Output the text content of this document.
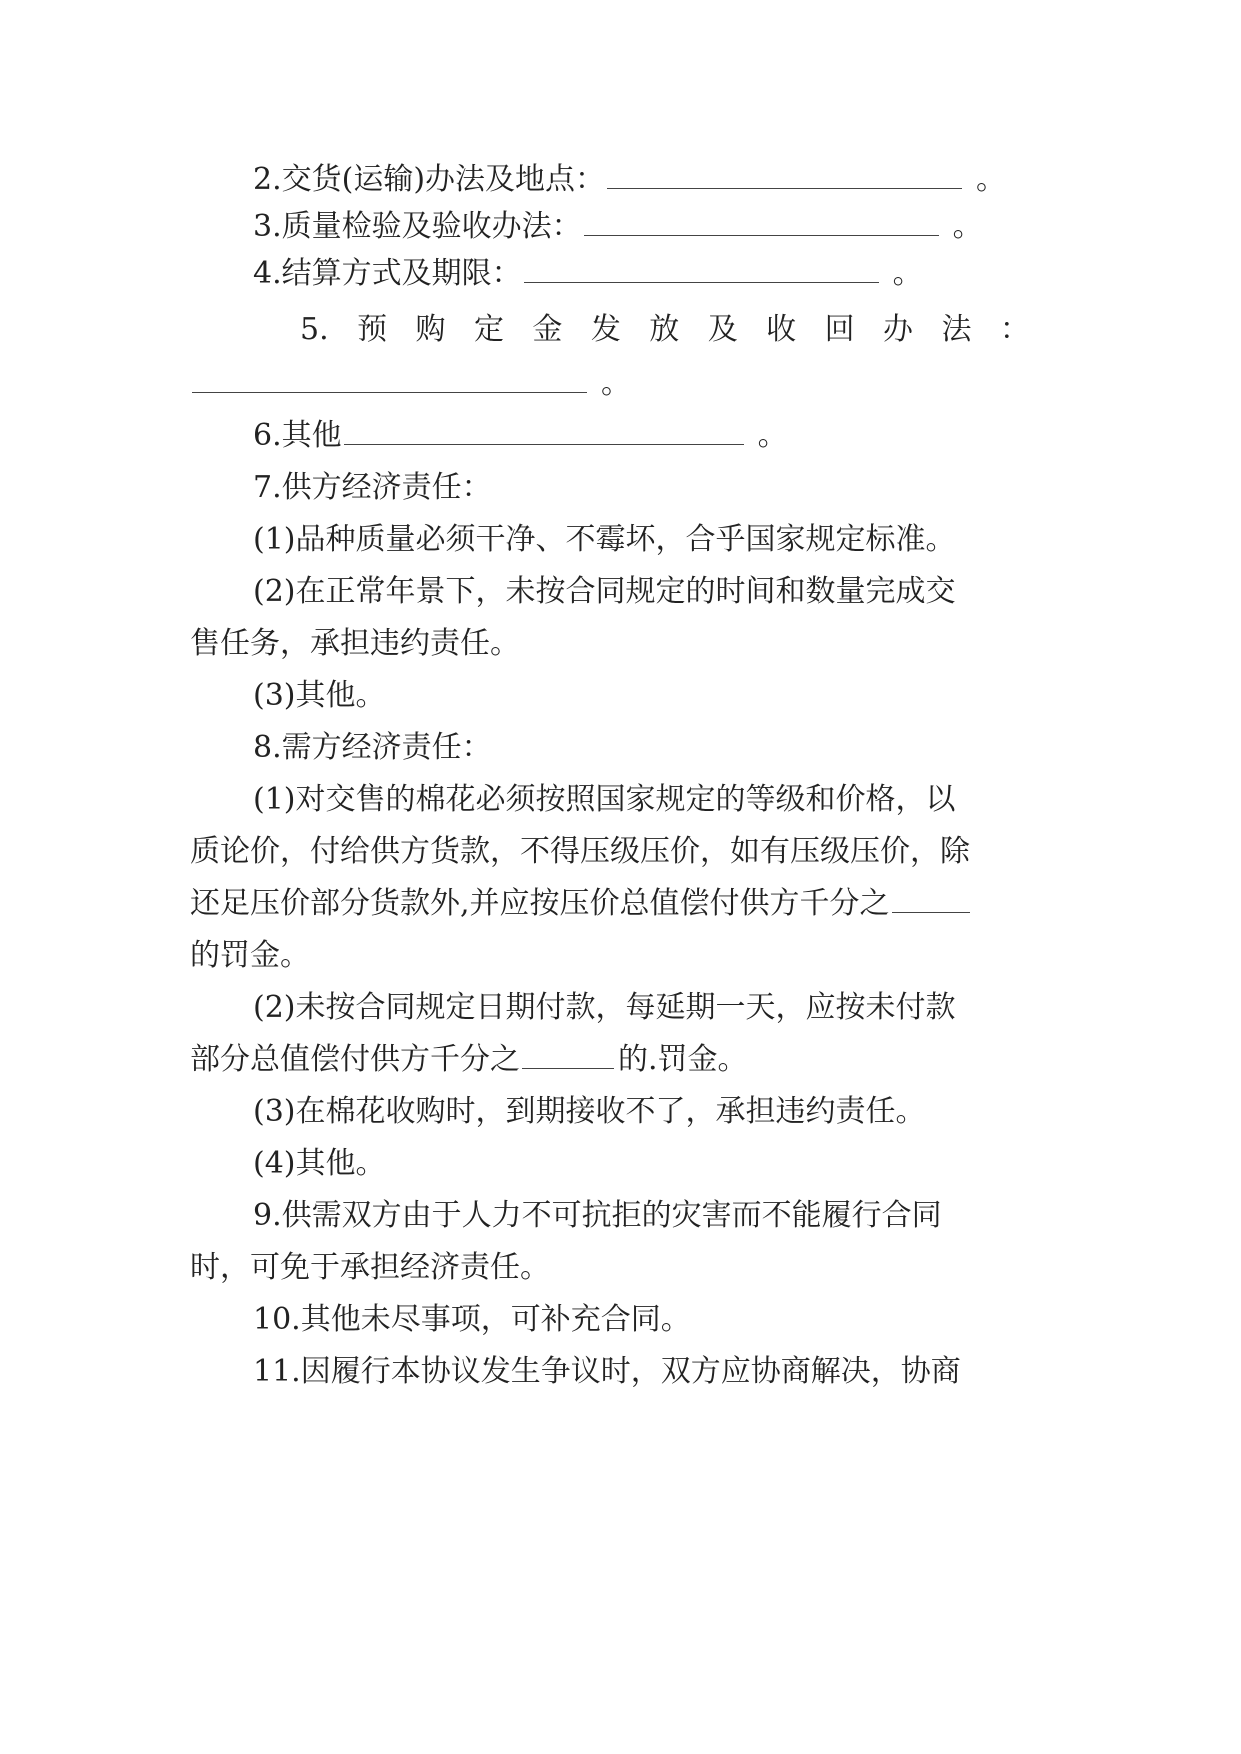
2.交货(运输)办法及地点：	。
3.质量检验及验收办法：	。
4.结算方式及期限：	。
5. 预 购 定 金 发 放 及 收 回 办 法 ：
。
6.其他	。
7.供方经济责任：
(1)品种质量必须干净、不霉坏，合乎国家规定标准。
(2)在正常年景下，未按合同规定的时间和数量完成交
售任务，承担违约责任。
(3)其他。
8.需方经济责任：
(1)对交售的棉花必须按照国家规定的等级和价格，以
质论价，付给供方货款，不得压级压价，如有压级压价，除
还足压价部分货款外,并应按压价总值偿付供方千分之
的罚金。
(2)未按合同规定日期付款，每延期一天，应按未付款
部分总值偿付供方千分之	的.罚金。
(3)在棉花收购时，到期接收不了，承担违约责任。
(4)其他。
9.供需双方由于人力不可抗拒的灾害而不能履行合同
时，可免于承担经济责任。
10.其他未尽事项，可补充合同。
11.因履行本协议发生争议时，双方应协商解决，协商
